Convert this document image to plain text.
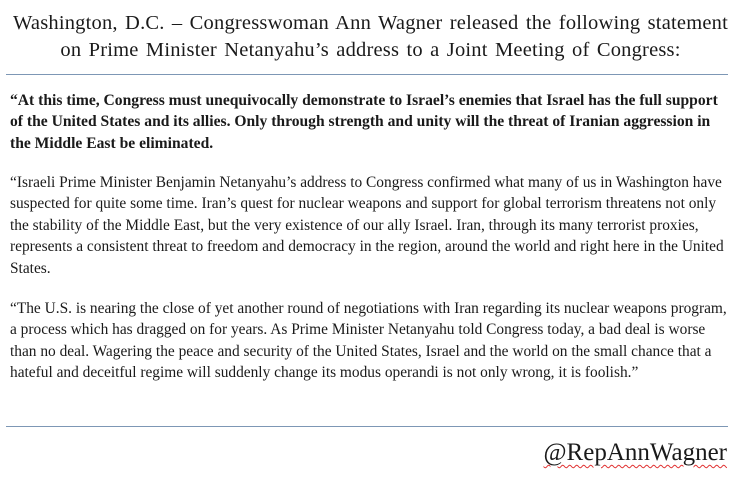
Washington, D.C. – Congresswoman Ann Wagner released the following statement on Prime Minister Netanyahu’s address to a Joint Meeting of Congress:

“At this time, Congress must unequivocally demonstrate to Israel’s enemies that Israel has the full support of the United States and its allies. Only through strength and unity will the threat of Iranian aggression in the Middle East be eliminated.

“Israeli Prime Minister Benjamin Netanyahu’s address to Congress confirmed what many of us in Washington have suspected for quite some time. Iran’s quest for nuclear weapons and support for global terrorism threatens not only the stability of the Middle East, but the very existence of our ally Israel. Iran, through its many terrorist proxies, represents a consistent threat to freedom and democracy in the region, around the world and right here in the United States.

“The U.S. is nearing the close of yet another round of negotiations with Iran regarding its nuclear weapons program, a process which has dragged on for years. As Prime Minister Netanyahu told Congress today, a bad deal is worse than no deal. Wagering the peace and security of the United States, Israel and the world on the small chance that a hateful and deceitful regime will suddenly change its modus operandi is not only wrong, it is foolish.”

@RepAnnWagner
